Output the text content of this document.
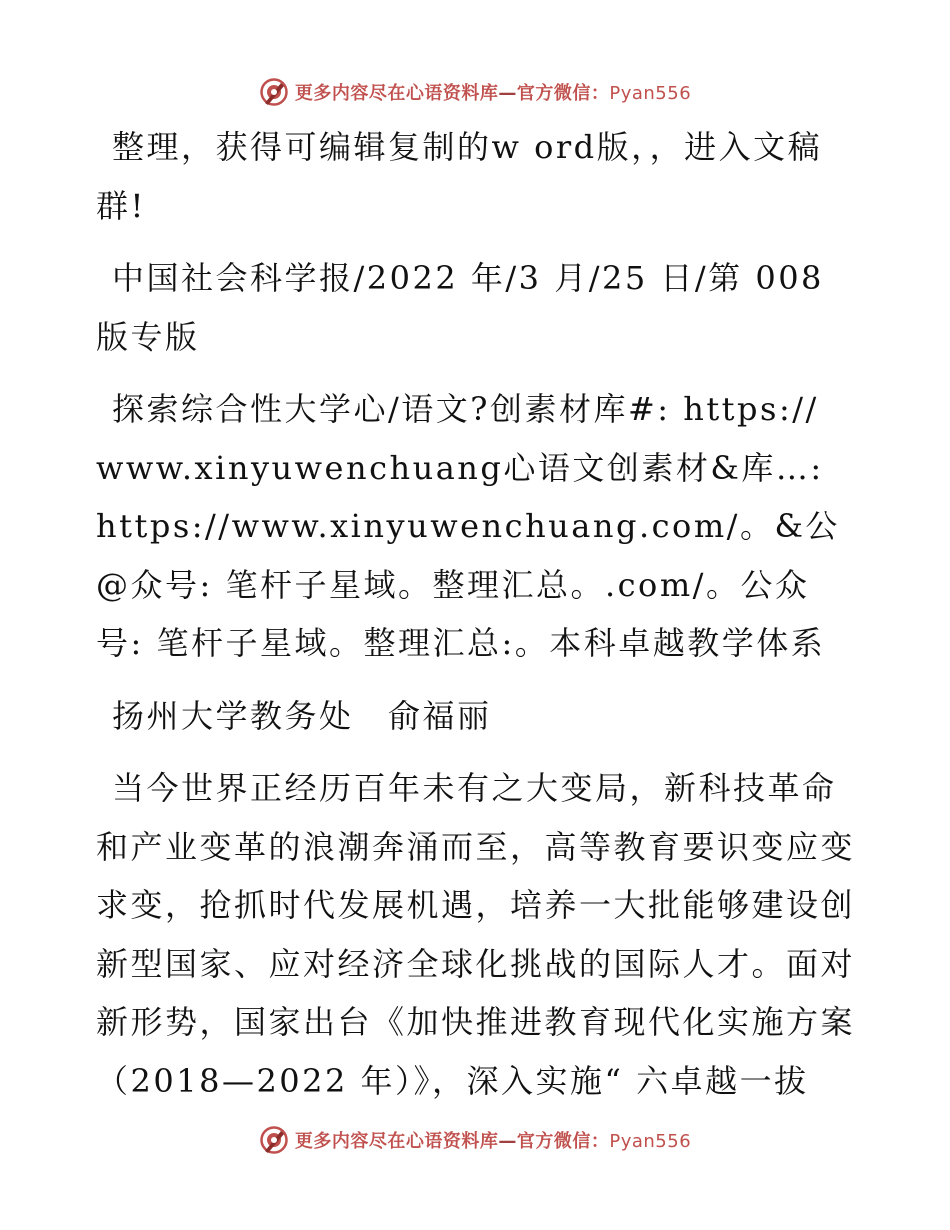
更多内容尽在心语资料库—官方微信：Pyan556

整理，获得可编辑复制的w ord版，，进入文稿群!

中国社会科学报/2022 年/3 月/25 日/第 008 版专版

探索综合性大学心/语文?创素材库#: https:// www.xinyuwenchuang心语文创素材&库…: https://www.xinyuwenchuang.com/。&公@众号: 笔杆子星域。整理汇总。.com/。公众号: 笔杆子星域。整理汇总:。本科卓越教学体系

扬州大学教务处　俞福丽

当今世界正经历百年未有之大变局，新科技革命和产业变革的浪潮奔涌而至，高等教育要识变应变求变，抢抓时代发展机遇，培养一大批能够建设创新型国家、应对经济全球化挑战的国际人才。面对新形势，国家出台《加快推进教育现代化实施方案（2018—2022 年）》，深入实施“ 六卓越一拔

更多内容尽在心语资料库—官方微信：Pyan556
